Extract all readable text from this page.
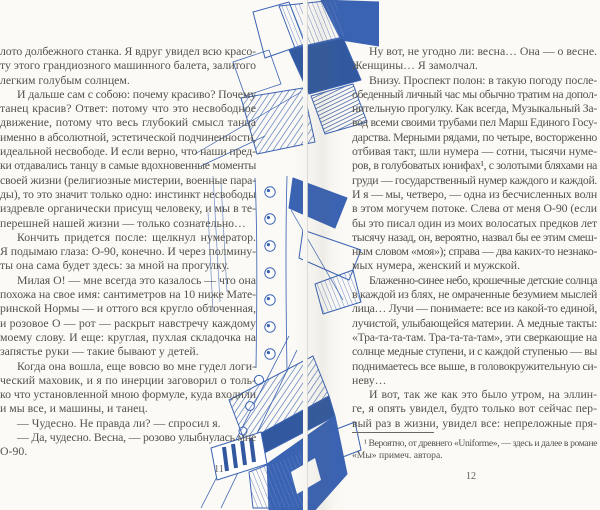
лото долбежного станка. Я вдруг увидел всю красо-
ту этого грандиозного машинного балета, залитого
легким голубым солнцем.
И дальше сам с собою: почему красиво? Почему
танец красив? Ответ: потому что это несвободное
движение, потому что весь глубокий смысл танца
именно в абсолютной, эстетической подчиненности,
идеальной несвободе. И если верно, что наши пред-
ки отдавались танцу в самые вдохновенные моменты
своей жизни (религиозные мистерии, военные пара-
ды), то это значит только одно: инстинкт несвободы
издревле органически присущ человеку, и мы в те-
перешней нашей жизни — только сознательно…
Кончить придется после: щелкнул нумератор.
Я подымаю глаза: О-90, конечно. И через полмину-
ты она сама будет здесь: за мной на прогулку.
Милая О! — мне всегда это казалось — что она
похожа на свое имя: сантиметров на 10 ниже Мате-
ринской Нормы — и оттого вся кругло обточенная,
и розовое О — рот — раскрыт навстречу каждому
моему слову. И еще: круглая, пухлая складочка на
запястье руки — такие бывают у детей.
Когда она вошла, еще вовсю во мне гудел логи-
ческий маховик, и я по инерции заговорил о толь-
ко что установленной мною формуле, куда входили
и мы все, и машины, и танец.
— Чудесно. Не правда ли? — спросил я.
— Да, чудесно. Весна, — розово улыбнулась мне
О-90.
11
Ну вот, не угодно ли: весна… Она — о весне.
Женщины… Я замолчал.
Внизу. Проспект полон: в такую погоду после-
обеденный личный час мы обычно тратим на допол-
нительную прогулку. Как всегда, Музыкальный За-
вод всеми своими трубами пел Марш Единого Госу-
дарства. Мерными рядами, по четыре, восторженно
отбивая такт, шли нумера — сотни, тысячи нуме-
ров, в голубоватых юнифах¹, с золотыми бляхами на
груди — государственный нумер каждого и каждой.
И я — мы, четверо, — одна из бесчисленных волн
в этом могучем потоке. Слева от меня О-90 (если
бы это писал один из моих волосатых предков лет
тысячу назад, он, вероятно, назвал бы ее этим смеш-
ным словом «моя»); справа — два каких-то незнако-
мых нумера, женский и мужской.
Блаженно-синее небо, крошечные детские солнца
в каждой из блях, не омраченные безумием мыслей
лица… Лучи — понимаете: все из какой-то единой,
лучистой, улыбающейся материи. А медные такты:
«Тра-та-та-там. Тра-та-та-там», эти сверкающие на
солнце медные ступени, и с каждой ступенью — вы
поднимаетесь все выше, в головокружительную си-
неву…
И вот, так же как это было утром, на эллин-
ге, я опять увидел, будто только вот сейчас пер-
вый раз в жизни, увидел все: непреложные пря-
¹ Вероятно, от древнего «Uniforme», — здесь и далее в романе
«Мы» примеч. автора.
12
